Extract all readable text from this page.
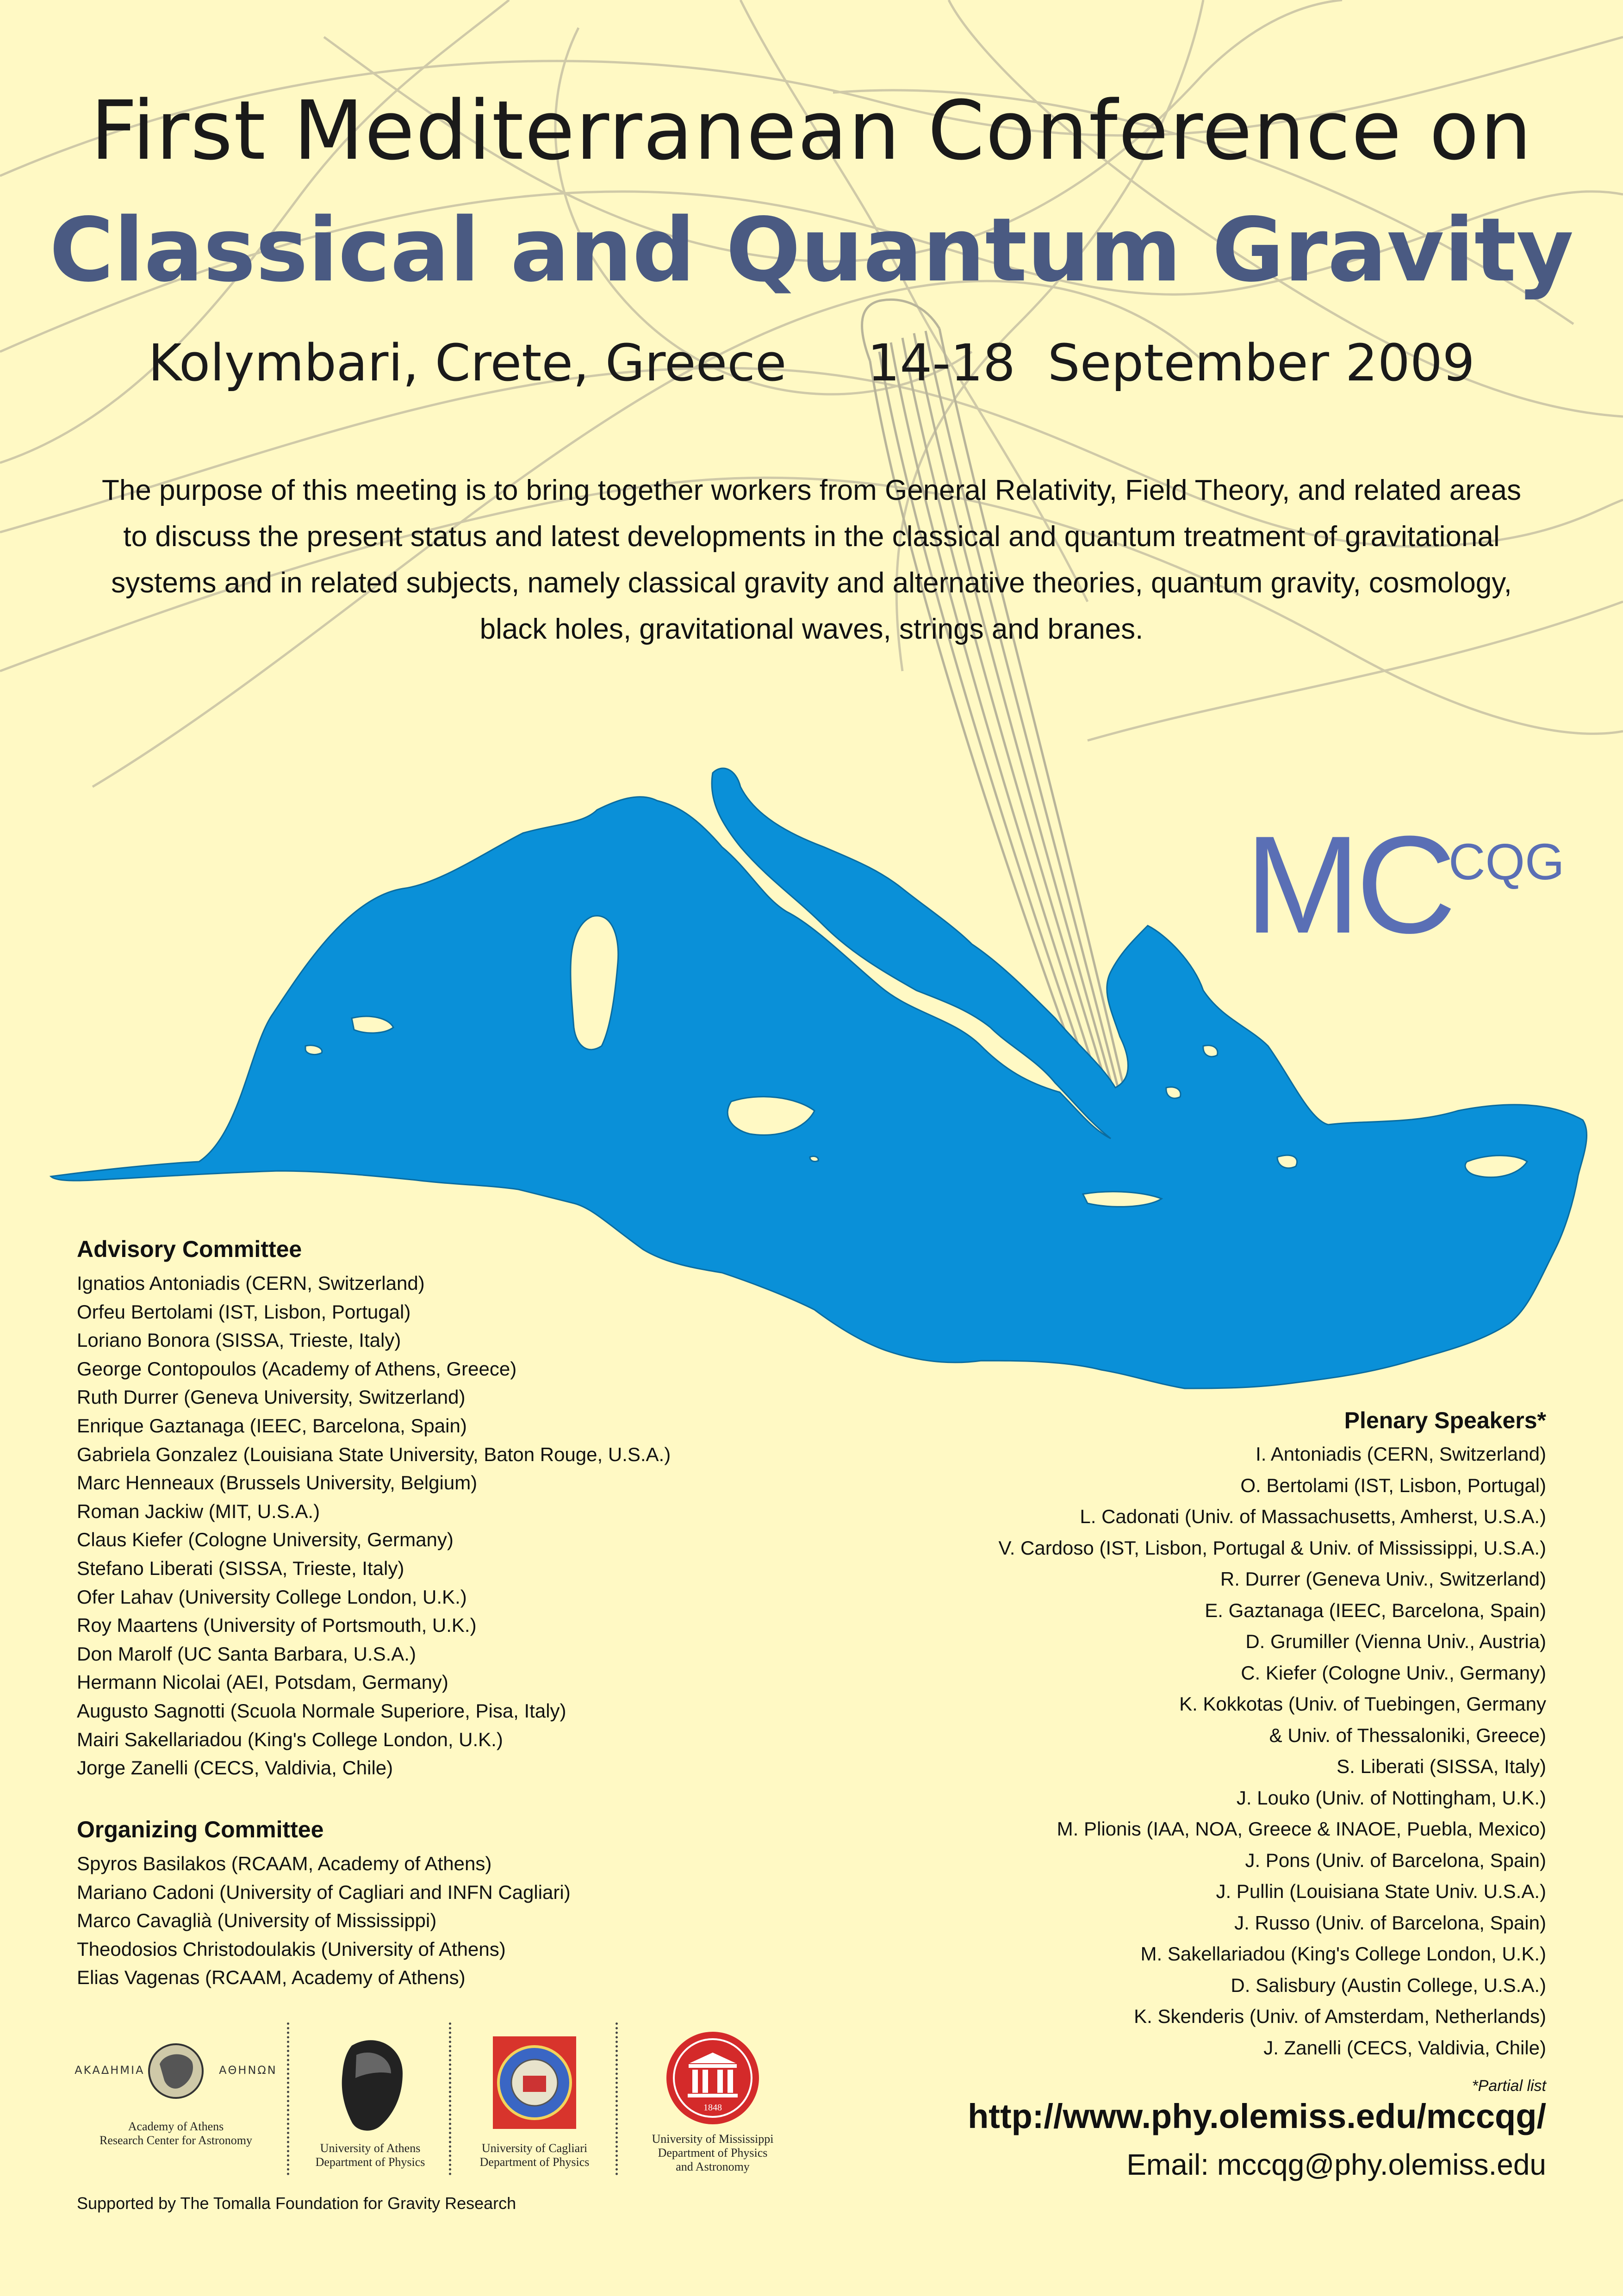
First Mediterranean Conference on
Classical and Quantum Gravity
Kolymbari, Crete, Greece     14-18  September 2009
The purpose of this meeting is to bring together workers from General Relativity, Field Theory, and related areas to discuss the present status and latest developments in the classical and quantum treatment of gravitational systems and in related subjects, namely classical gravity and alternative theories, quantum gravity, cosmology, black holes, gravitational waves, strings and branes.
MC
CQG
Advisory Committee
Ignatios Antoniadis (CERN, Switzerland)
Orfeu Bertolami (IST, Lisbon, Portugal)
Loriano Bonora (SISSA, Trieste, Italy)
George Contopoulos (Academy of Athens, Greece)
Ruth Durrer (Geneva University, Switzerland)
Enrique Gaztanaga (IEEC, Barcelona, Spain)
Gabriela Gonzalez (Louisiana State University, Baton Rouge, U.S.A.)
Marc Henneaux (Brussels University, Belgium)
Roman Jackiw (MIT, U.S.A.)
Claus Kiefer (Cologne University, Germany)
Stefano Liberati (SISSA, Trieste, Italy)
Ofer Lahav (University College London, U.K.)
Roy Maartens (University of Portsmouth, U.K.)
Don Marolf (UC Santa Barbara, U.S.A.)
Hermann Nicolai (AEI, Potsdam, Germany)
Augusto Sagnotti (Scuola Normale Superiore, Pisa, Italy)
Mairi Sakellariadou (King's College London, U.K.)
Jorge Zanelli (CECS, Valdivia, Chile)
Organizing Committee
Spyros Basilakos (RCAAM, Academy of Athens)
Mariano Cadoni (University of Cagliari and INFN Cagliari)
Marco Cavaglià (University of Mississippi)
Theodosios Christodoulakis (University of Athens)
Elias Vagenas (RCAAM, Academy of Athens)
Plenary Speakers*
I. Antoniadis (CERN, Switzerland)
O. Bertolami (IST, Lisbon, Portugal)
L. Cadonati (Univ. of Massachusetts, Amherst, U.S.A.)
V. Cardoso (IST, Lisbon, Portugal & Univ. of Mississippi, U.S.A.)
R. Durrer (Geneva Univ., Switzerland)
E. Gaztanaga (IEEC, Barcelona, Spain)
D. Grumiller (Vienna Univ., Austria)
C. Kiefer (Cologne Univ., Germany)
K. Kokkotas (Univ. of Tuebingen, Germany
& Univ. of Thessaloniki, Greece)
S. Liberati (SISSA, Italy)
J. Louko (Univ. of Nottingham, U.K.)
M. Plionis (IAA, NOA, Greece & INAOE, Puebla, Mexico)
J. Pons (Univ. of Barcelona, Spain)
J. Pullin (Louisiana State Univ. U.S.A.)
J. Russo (Univ. of Barcelona, Spain)
M. Sakellariadou (King's College London, U.K.)
D. Salisbury (Austin College, U.S.A.)
K. Skenderis (Univ. of Amsterdam, Netherlands)
J. Zanelli (CECS, Valdivia, Chile)
*Partial list
ΑΚΑΔΗΜΙΑ ΑΘΗΝΩΝ
Academy of Athens
Research Center for Astronomy
University of Athens
Department of Physics
University of Cagliari
Department of Physics
1848
University of Mississippi
Department of Physics
and Astronomy
http://www.phy.olemiss.edu/mccqg/
Email: mccqg@phy.olemiss.edu
Supported by The Tomalla Foundation for Gravity Research
